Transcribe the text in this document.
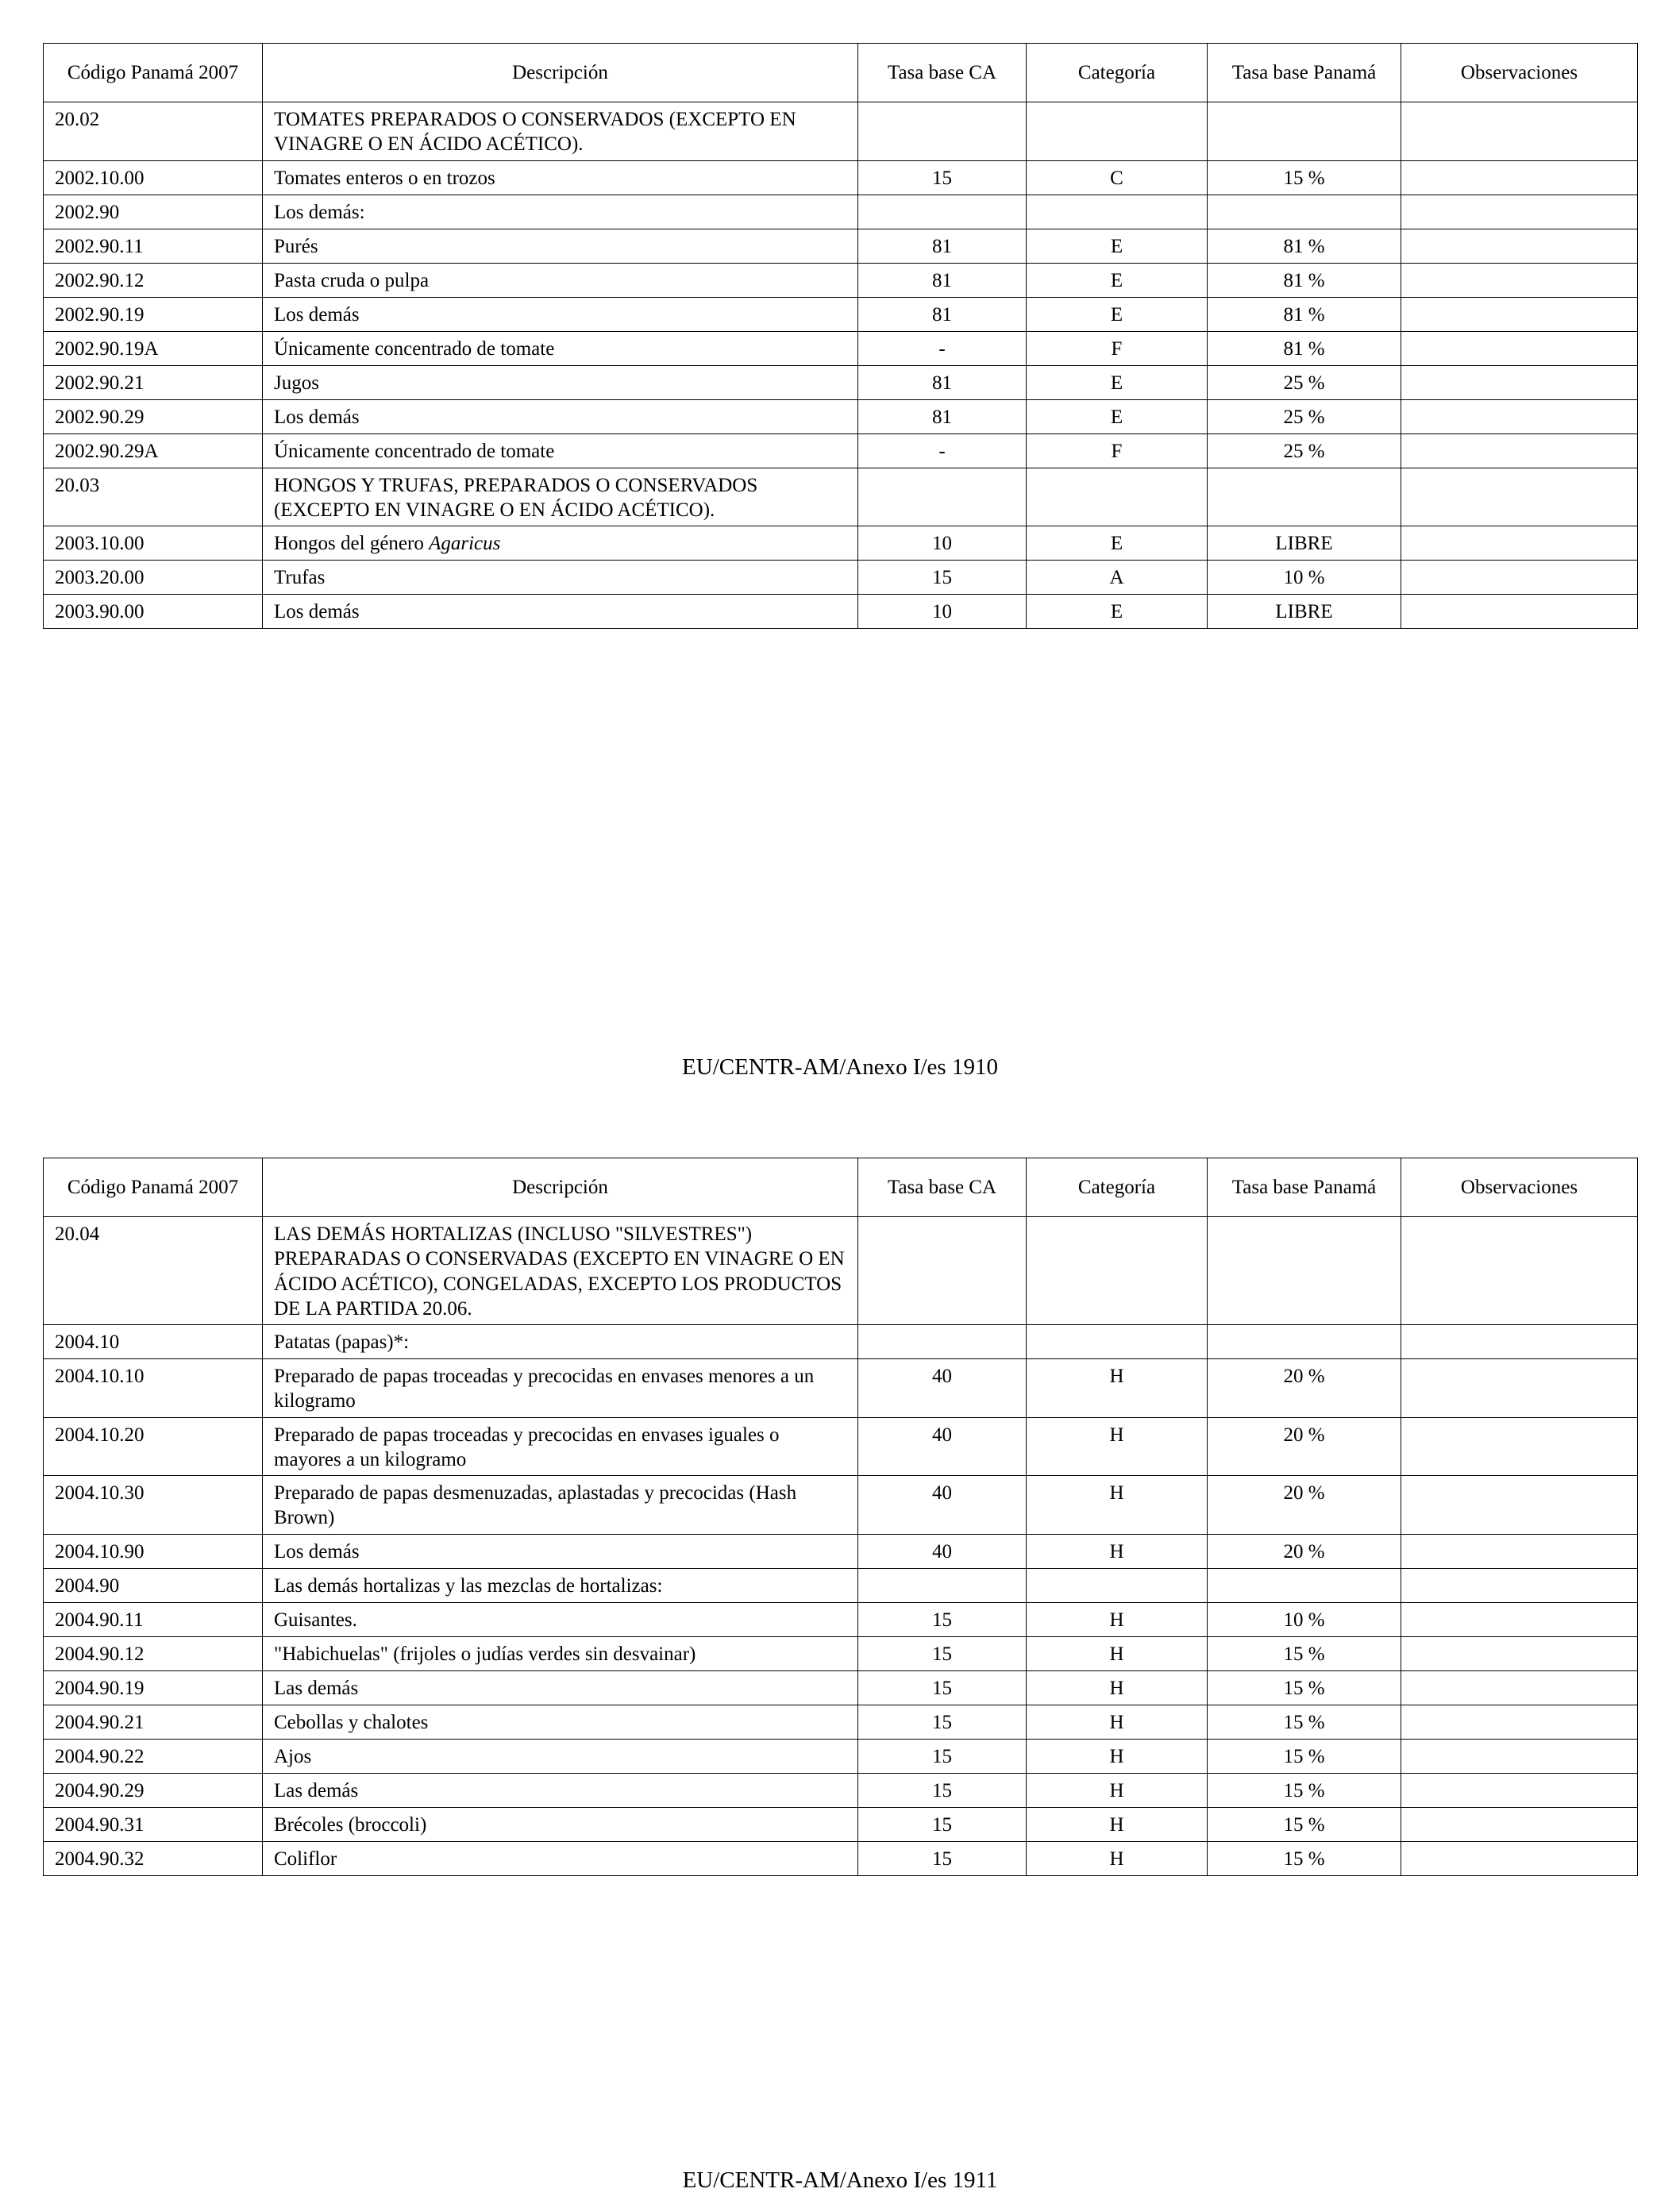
Código Panamá 2007	Descripción	Tasa base CA	Categoría	Tasa base Panamá	Observaciones
20.02	TOMATES PREPARADOS O CONSERVADOS (EXCEPTO EN VINAGRE O EN ÁCIDO ACÉTICO).				
2002.10.00	Tomates enteros o en trozos	15	C	15 %	
2002.90	Los demás:				
2002.90.11	Purés	81	E	81 %	
2002.90.12	Pasta cruda o pulpa	81	E	81 %	
2002.90.19	Los demás	81	E	81 %	
2002.90.19A	Únicamente concentrado de tomate	-	F	81 %	
2002.90.21	Jugos	81	E	25 %	
2002.90.29	Los demás	81	E	25 %	
2002.90.29A	Únicamente concentrado de tomate	-	F	25 %	
20.03	HONGOS Y TRUFAS, PREPARADOS O CONSERVADOS (EXCEPTO EN VINAGRE O EN ÁCIDO ACÉTICO).				
2003.10.00	Hongos del género Agaricus	10	E	LIBRE	
2003.20.00	Trufas	15	A	10 %	
2003.90.00	Los demás	10	E	LIBRE	
EU/CENTR-AM/Anexo I/es 1910
Código Panamá 2007	Descripción	Tasa base CA	Categoría	Tasa base Panamá	Observaciones
20.04	LAS DEMÁS HORTALIZAS (INCLUSO "SILVESTRES") PREPARADAS O CONSERVADAS (EXCEPTO EN VINAGRE O EN ÁCIDO ACÉTICO), CONGELADAS, EXCEPTO LOS PRODUCTOS DE LA PARTIDA 20.06.				
2004.10	Patatas (papas)*:				
2004.10.10	Preparado de papas troceadas y precocidas en envases menores a un kilogramo	40	H	20 %	
2004.10.20	Preparado de papas troceadas y precocidas en envases iguales o mayores a un kilogramo	40	H	20 %	
2004.10.30	Preparado de papas desmenuzadas, aplastadas y precocidas (Hash Brown)	40	H	20 %	
2004.10.90	Los demás	40	H	20 %	
2004.90	Las demás hortalizas y las mezclas de hortalizas:				
2004.90.11	Guisantes.	15	H	10 %	
2004.90.12	"Habichuelas" (frijoles o judías verdes sin desvainar)	15	H	15 %	
2004.90.19	Las demás	15	H	15 %	
2004.90.21	Cebollas y chalotes	15	H	15 %	
2004.90.22	Ajos	15	H	15 %	
2004.90.29	Las demás	15	H	15 %	
2004.90.31	Brécoles (broccoli)	15	H	15 %	
2004.90.32	Coliflor	15	H	15 %	
EU/CENTR-AM/Anexo I/es 1911
